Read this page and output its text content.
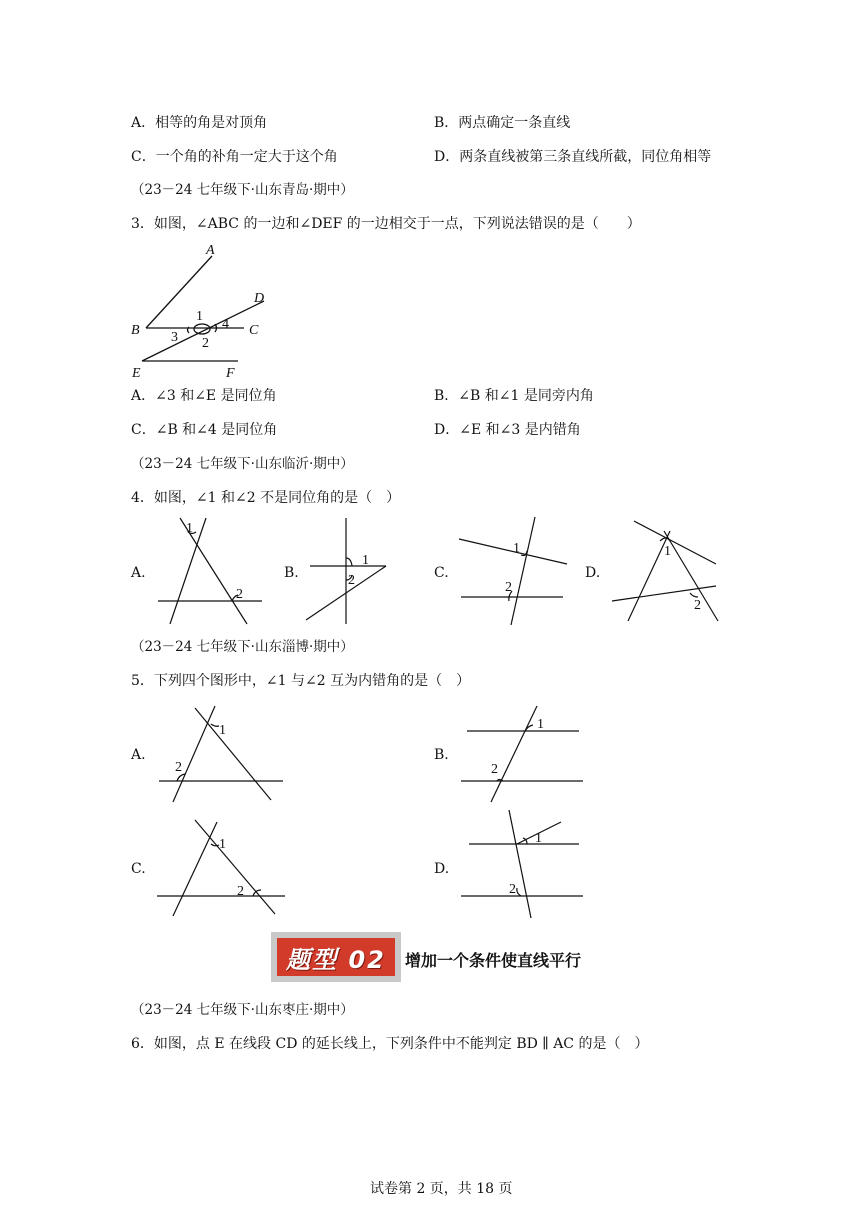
A．相等的角是对顶角	B．两点确定一条直线
C．一个角的补角一定大于这个角	D．两条直线被第三条直线所截，同位角相等
（23－24 七年级下·山东青岛·期中）
3．如图，∠ABC 的一边和∠DEF 的一边相交于一点，下列说法错误的是（　　）
A
D
B	C
E	F
1
4
3 2
A．∠3 和∠E 是同位角	B．∠B 和∠1 是同旁内角
C．∠B 和∠4 是同位角	D．∠E 和∠3 是内错角
（23－24 七年级下·山东临沂·期中）
4．如图，∠1 和∠2 不是同位角的是（　）
A.
1
2
B.
1
2	C.
1
2
D.
1
2
（23－24 七年级下·山东淄博·期中）
5．下列四个图形中，∠1 与∠2 互为内错角的是（　）
A.
1
2
B.
1
2
C.
1
2
D.
1
2
题型 02	增加一个条件使直线平行
（23－24 七年级下·山东枣庄·期中）
6．如图，点 E 在线段 CD 的延长线上，下列条件中不能判定 BD ∥ AC 的是（　）
试卷第 2 页，共 18 页
